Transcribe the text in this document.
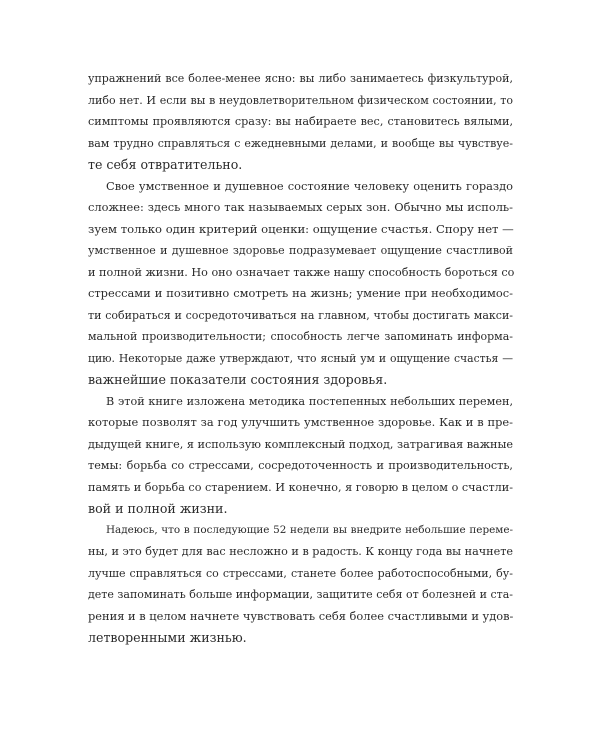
упражнений все более-менее ясно: вы либо занимаетесь физкультурой,
либо нет. И если вы в неудовлетворительном физическом состоянии, то
симптомы проявляются сразу: вы набираете вес, становитесь вялыми,
вам трудно справляться с ежедневными делами, и вообще вы чувствуе-
те себя отвратительно.
Свое умственное и душевное состояние человеку оценить гораздо
сложнее: здесь много так называемых серых зон. Обычно мы исполь-
зуем только один критерий оценки: ощущение счастья. Спору нет —
умственное и душевное здоровье подразумевает ощущение счастливой
и полной жизни. Но оно означает также нашу способность бороться со
стрессами и позитивно смотреть на жизнь; умение при необходимос-
ти собираться и сосредоточиваться на главном, чтобы достигать макси-
мальной производительности; способность легче запоминать информа-
цию. Некоторые даже утверждают, что ясный ум и ощущение счастья —
важнейшие показатели состояния здоровья.
В этой книге изложена методика постепенных небольших перемен,
которые позволят за год улучшить умственное здоровье. Как и в пре-
дыдущей книге, я использую комплексный подход, затрагивая важные
темы: борьба со стрессами, сосредоточенность и производительность,
память и борьба со старением. И конечно, я говорю в целом о счастли-
вой и полной жизни.
Надеюсь, что в последующие 52 недели вы внедрите небольшие переме-
ны, и это будет для вас несложно и в радость. К концу года вы начнете
лучше справляться со стрессами, станете более работоспособными, бу-
дете запоминать больше информации, защитите себя от болезней и ста-
рения и в целом начнете чувствовать себя более счастливыми и удов-
летворенными жизнью.
